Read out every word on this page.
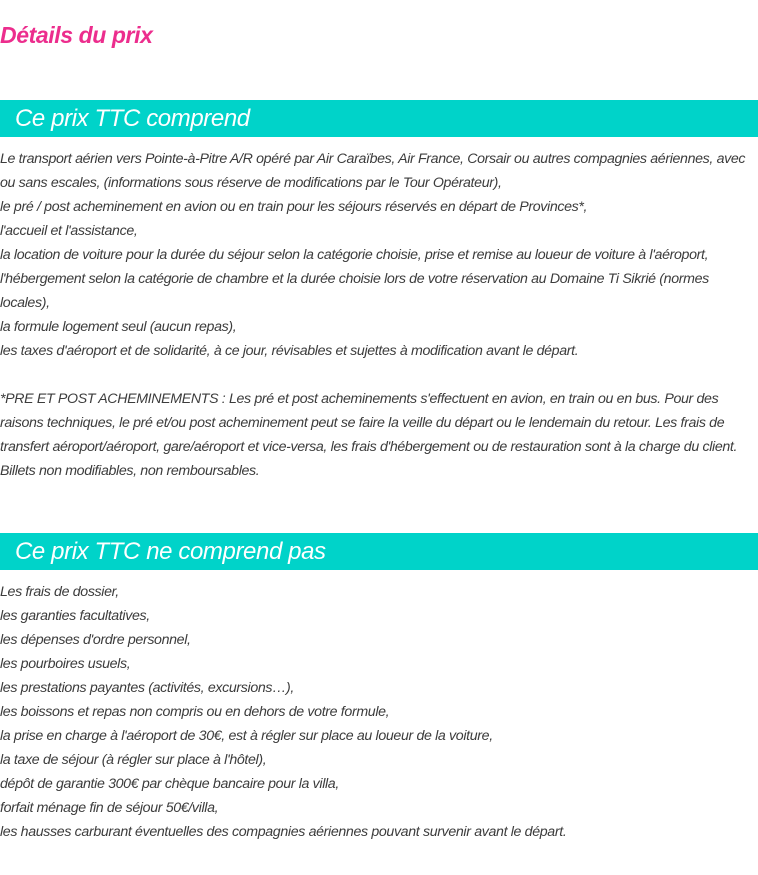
Détails du prix
Ce prix TTC comprend

Le transport aérien vers Pointe-à-Pitre A/R opéré par Air Caraïbes, Air France, Corsair ou autres compagnies aériennes, avec ou sans escales, (informations sous réserve de modifications par le Tour Opérateur),

le pré / post acheminement en avion ou en train pour les séjours réservés en départ de Provinces*,

l'accueil et l'assistance,

la location de voiture pour la durée du séjour selon la catégorie choisie, prise et remise au loueur de voiture à l'aéroport,

l'hébergement selon la catégorie de chambre et la durée choisie lors de votre réservation au Domaine Ti Sikrié (normes locales),

la formule logement seul (aucun repas),

les taxes d'aéroport et de solidarité, à ce jour, révisables et sujettes à modification avant le départ.

*PRE ET POST ACHEMINEMENTS : Les pré et post acheminements s'effectuent en avion, en train ou en bus. Pour des raisons techniques, le pré et/ou post acheminement peut se faire la veille du départ ou le lendemain du retour. Les frais de transfert aéroport/aéroport, gare/aéroport et vice-versa, les frais d'hébergement ou de restauration sont à la charge du client. Billets non modifiables, non remboursables.

Ce prix TTC ne comprend pas

Les frais de dossier,

les garanties facultatives,

les dépenses d'ordre personnel,

les pourboires usuels,

les prestations payantes (activités, excursions…),

les boissons et repas non compris ou en dehors de votre formule,

la prise en charge à l'aéroport de 30€, est à régler sur place au loueur de la voiture,

la taxe de séjour (à régler sur place à l'hôtel),

dépôt de garantie 300€ par chèque bancaire pour la villa,

forfait ménage fin de séjour 50€/villa,

les hausses carburant éventuelles des compagnies aériennes pouvant survenir avant le départ.
